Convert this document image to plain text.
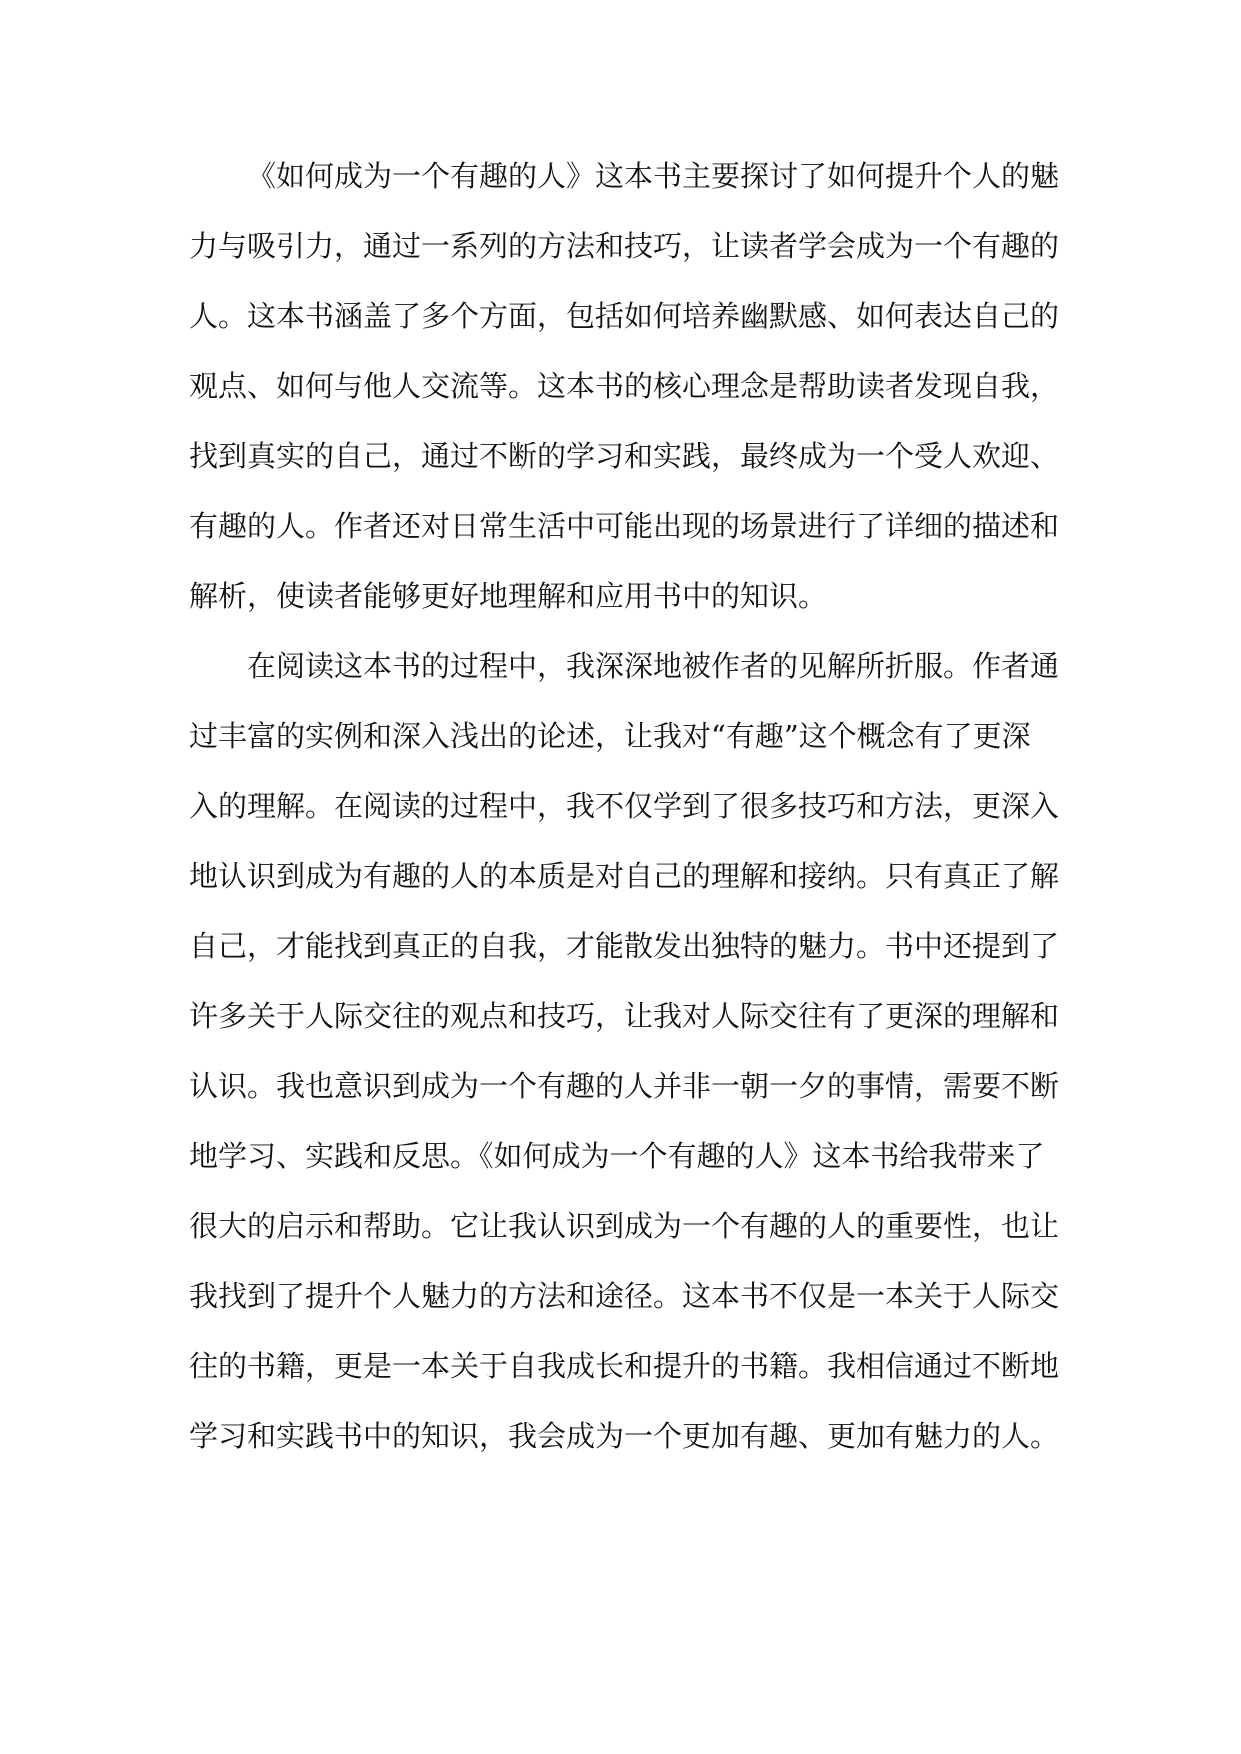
《如何成为一个有趣的人》这本书主要探讨了如何提升个人的魅
力与吸引力，通过一系列的方法和技巧，让读者学会成为一个有趣的
人。这本书涵盖了多个方面，包括如何培养幽默感、如何表达自己的
观点、如何与他人交流等。这本书的核心理念是帮助读者发现自我，
找到真实的自己，通过不断的学习和实践，最终成为一个受人欢迎、
有趣的人。作者还对日常生活中可能出现的场景进行了详细的描述和
解析，使读者能够更好地理解和应用书中的知识。
在阅读这本书的过程中，我深深地被作者的见解所折服。作者通
过丰富的实例和深入浅出的论述，让我对“有趣”这个概念有了更深
入的理解。在阅读的过程中，我不仅学到了很多技巧和方法，更深入
地认识到成为有趣的人的本质是对自己的理解和接纳。只有真正了解
自己，才能找到真正的自我，才能散发出独特的魅力。书中还提到了
许多关于人际交往的观点和技巧，让我对人际交往有了更深的理解和
认识。我也意识到成为一个有趣的人并非一朝一夕的事情，需要不断
地学习、实践和反思。《如何成为一个有趣的人》这本书给我带来了
很大的启示和帮助。它让我认识到成为一个有趣的人的重要性，也让
我找到了提升个人魅力的方法和途径。这本书不仅是一本关于人际交
往的书籍，更是一本关于自我成长和提升的书籍。我相信通过不断地
学习和实践书中的知识，我会成为一个更加有趣、更加有魅力的人。
